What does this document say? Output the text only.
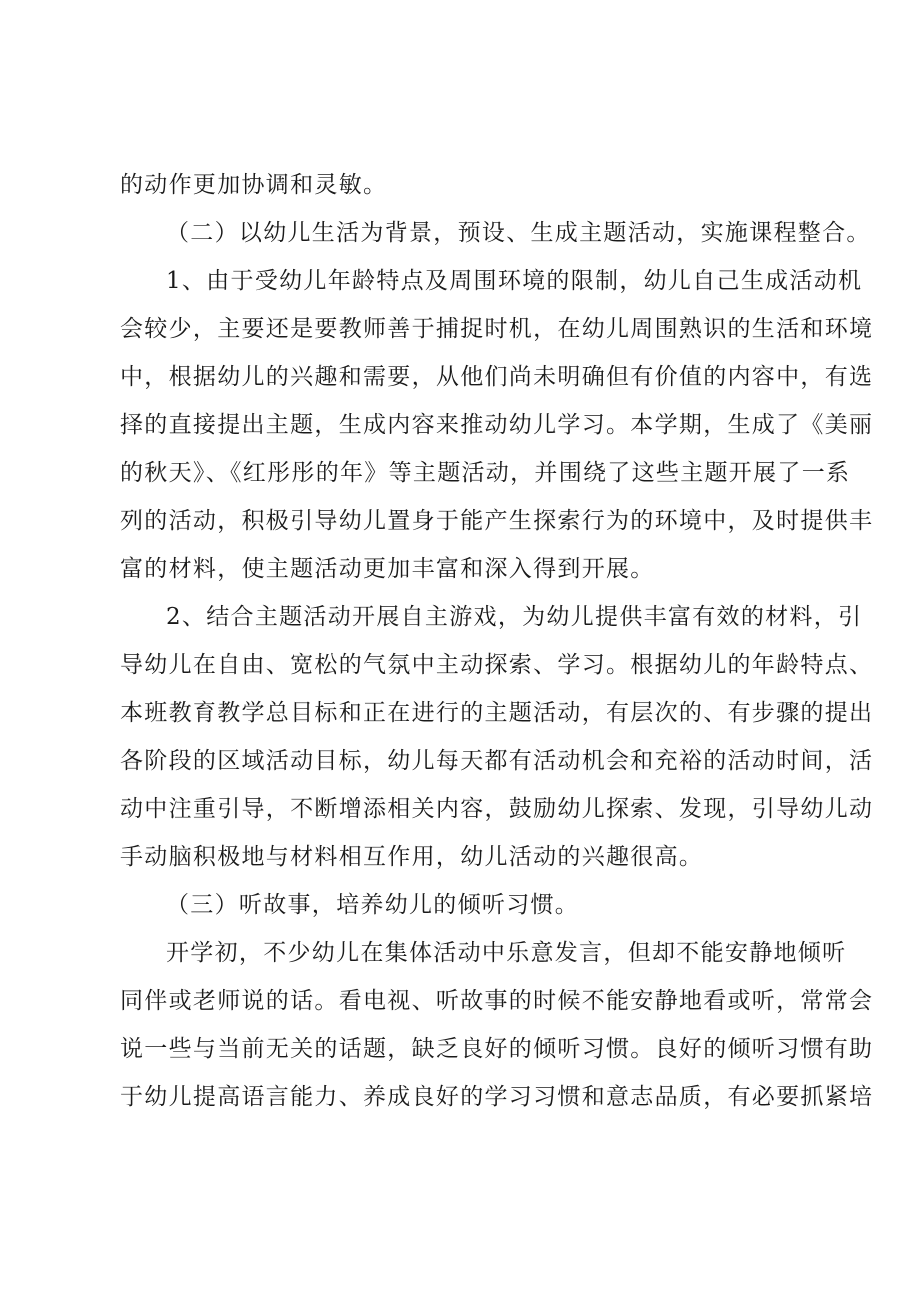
的动作更加协调和灵敏。
（二）以幼儿生活为背景，预设、生成主题活动，实施课程整合。
1、由于受幼儿年龄特点及周围环境的限制，幼儿自己生成活动机
会较少，主要还是要教师善于捕捉时机，在幼儿周围熟识的生活和环境
中，根据幼儿的兴趣和需要，从他们尚未明确但有价值的内容中，有选
择的直接提出主题，生成内容来推动幼儿学习。本学期，生成了《美丽
的秋天》、《红彤彤的年》等主题活动，并围绕了这些主题开展了一系
列的活动，积极引导幼儿置身于能产生探索行为的环境中，及时提供丰
富的材料，使主题活动更加丰富和深入得到开展。
2、结合主题活动开展自主游戏，为幼儿提供丰富有效的材料，引
导幼儿在自由、宽松的气氛中主动探索、学习。根据幼儿的年龄特点、
本班教育教学总目标和正在进行的主题活动，有层次的、有步骤的提出
各阶段的区域活动目标，幼儿每天都有活动机会和充裕的活动时间，活
动中注重引导，不断增添相关内容，鼓励幼儿探索、发现，引导幼儿动
手动脑积极地与材料相互作用，幼儿活动的兴趣很高。
（三）听故事，培养幼儿的倾听习惯。
开学初，不少幼儿在集体活动中乐意发言，但却不能安静地倾听
同伴或老师说的话。看电视、听故事的时候不能安静地看或听，常常会
说一些与当前无关的话题，缺乏良好的倾听习惯。良好的倾听习惯有助
于幼儿提高语言能力、养成良好的学习习惯和意志品质，有必要抓紧培
